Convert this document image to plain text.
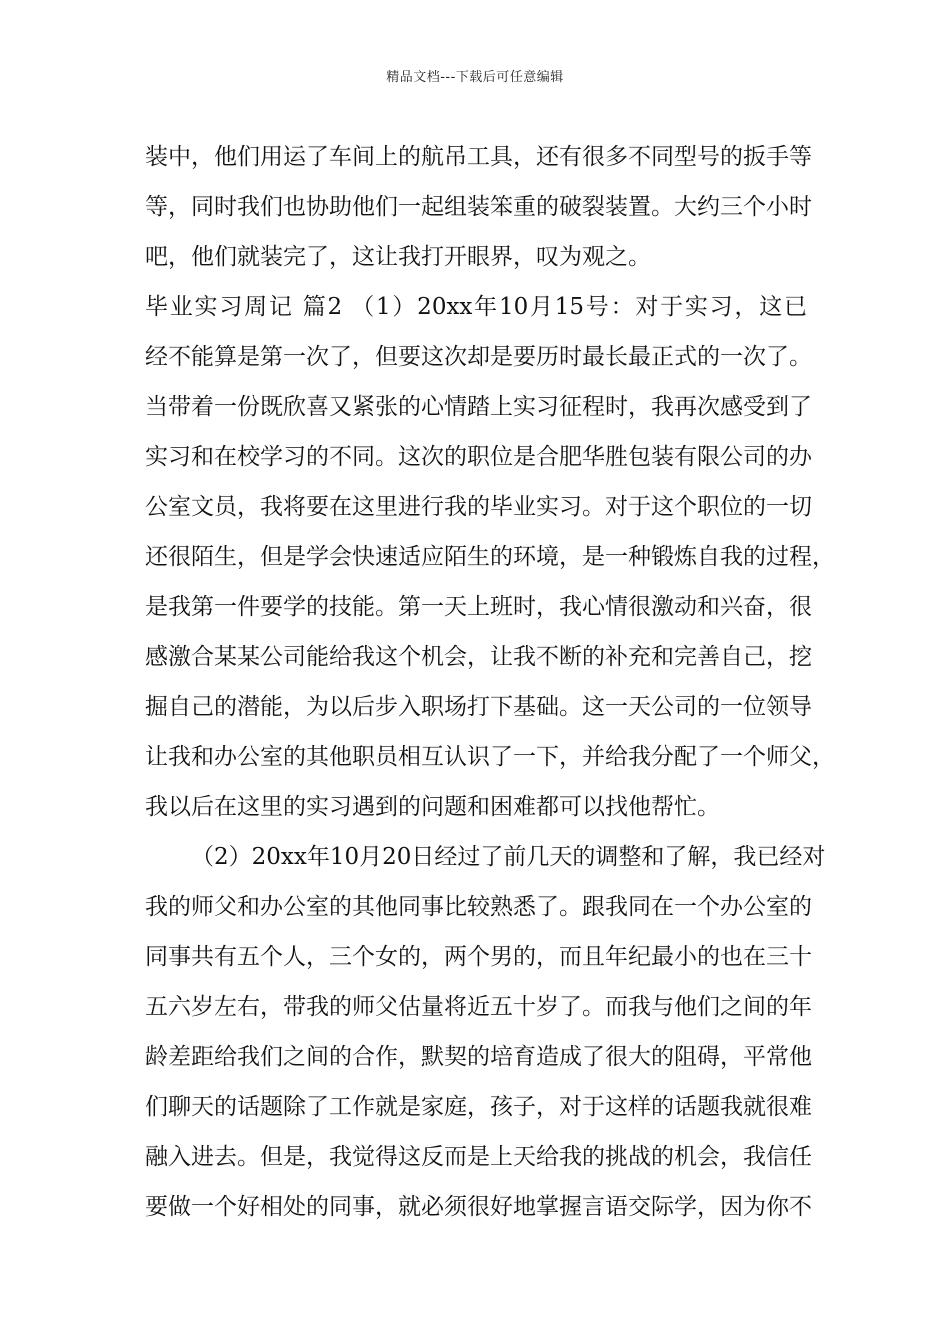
精品文档---下载后可任意编辑
装中，他们用运了车间上的航吊工具，还有很多不同型号的扳手等
等，同时我们也协助他们一起组装笨重的破裂装置。大约三个小时
吧，他们就装完了，这让我打开眼界，叹为观之。
毕业实习周记 篇2 （1）20xx年10月15号：对于实习，这已
经不能算是第一次了，但要这次却是要历时最长最正式的一次了。
当带着一份既欣喜又紧张的心情踏上实习征程时，我再次感受到了
实习和在校学习的不同。这次的职位是合肥华胜包装有限公司的办
公室文员，我将要在这里进行我的毕业实习。对于这个职位的一切
还很陌生，但是学会快速适应陌生的环境，是一种锻炼自我的过程，
是我第一件要学的技能。第一天上班时，我心情很激动和兴奋，很
感激合某某公司能给我这个机会，让我不断的补充和完善自己，挖
掘自己的潜能，为以后步入职场打下基础。这一天公司的一位领导
让我和办公室的其他职员相互认识了一下，并给我分配了一个师父，
我以后在这里的实习遇到的问题和困难都可以找他帮忙。
（2）20xx年10月20日经过了前几天的调整和了解，我已经对
我的师父和办公室的其他同事比较熟悉了。跟我同在一个办公室的
同事共有五个人，三个女的，两个男的，而且年纪最小的也在三十
五六岁左右，带我的师父估量将近五十岁了。而我与他们之间的年
龄差距给我们之间的合作，默契的培育造成了很大的阻碍，平常他
们聊天的话题除了工作就是家庭，孩子，对于这样的话题我就很难
融入进去。但是，我觉得这反而是上天给我的挑战的机会，我信任
要做一个好相处的同事，就必须很好地掌握言语交际学，因为你不
